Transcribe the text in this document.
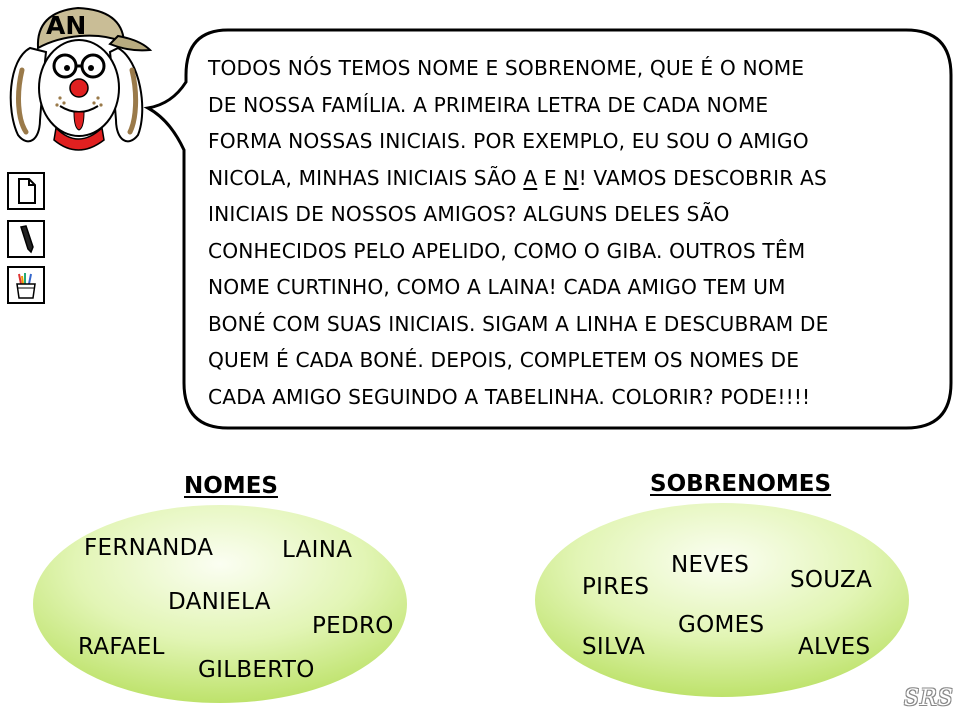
TODOS NÓS TEMOS NOME E SOBRENOME, QUE É O NOME
DE NOSSA FAMÍLIA. A PRIMEIRA LETRA DE CADA NOME
FORMA NOSSAS INICIAIS. POR EXEMPLO, EU SOU O AMIGO
NICOLA, MINHAS INICIAIS SÃO A E N! VAMOS DESCOBRIR AS
INICIAIS DE NOSSOS AMIGOS? ALGUNS DELES SÃO
CONHECIDOS PELO APELIDO, COMO O GIBA. OUTROS TÊM
NOME CURTINHO, COMO A LAINA! CADA AMIGO TEM UM
BONÉ COM SUAS INICIAIS. SIGAM A LINHA E DESCUBRAM DE
QUEM É CADA BONÉ. DEPOIS, COMPLETEM OS NOMES DE
CADA AMIGO SEGUINDO A TABELINHA. COLORIR? PODE!!!!
AN
NOMES	SOBRENOMES
FERNANDA	LAINA
DANIELA
PEDRO
RAFAEL
GILBERTO
NEVES
PIRES	SOUZA
GOMES
SILVA	ALVES
SRS
